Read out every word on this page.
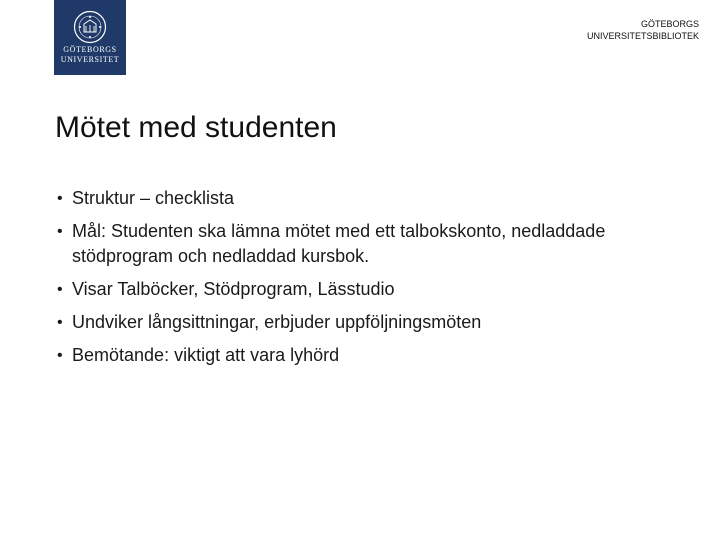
GÖTEBORGS
UNIVERSITET
GÖTEBORGS
UNIVERSITETSBIBLIOTEK
Mötet med studenten
• Struktur – checklista
• Mål: Studenten ska lämna mötet med ett talbokskonto, nedladdade stödprogram och nedladdad kursbok.
• Visar Talböcker, Stödprogram, Lässtudio
• Undviker långsittningar, erbjuder uppföljningsmöten
• Bemötande: viktigt att vara lyhörd
